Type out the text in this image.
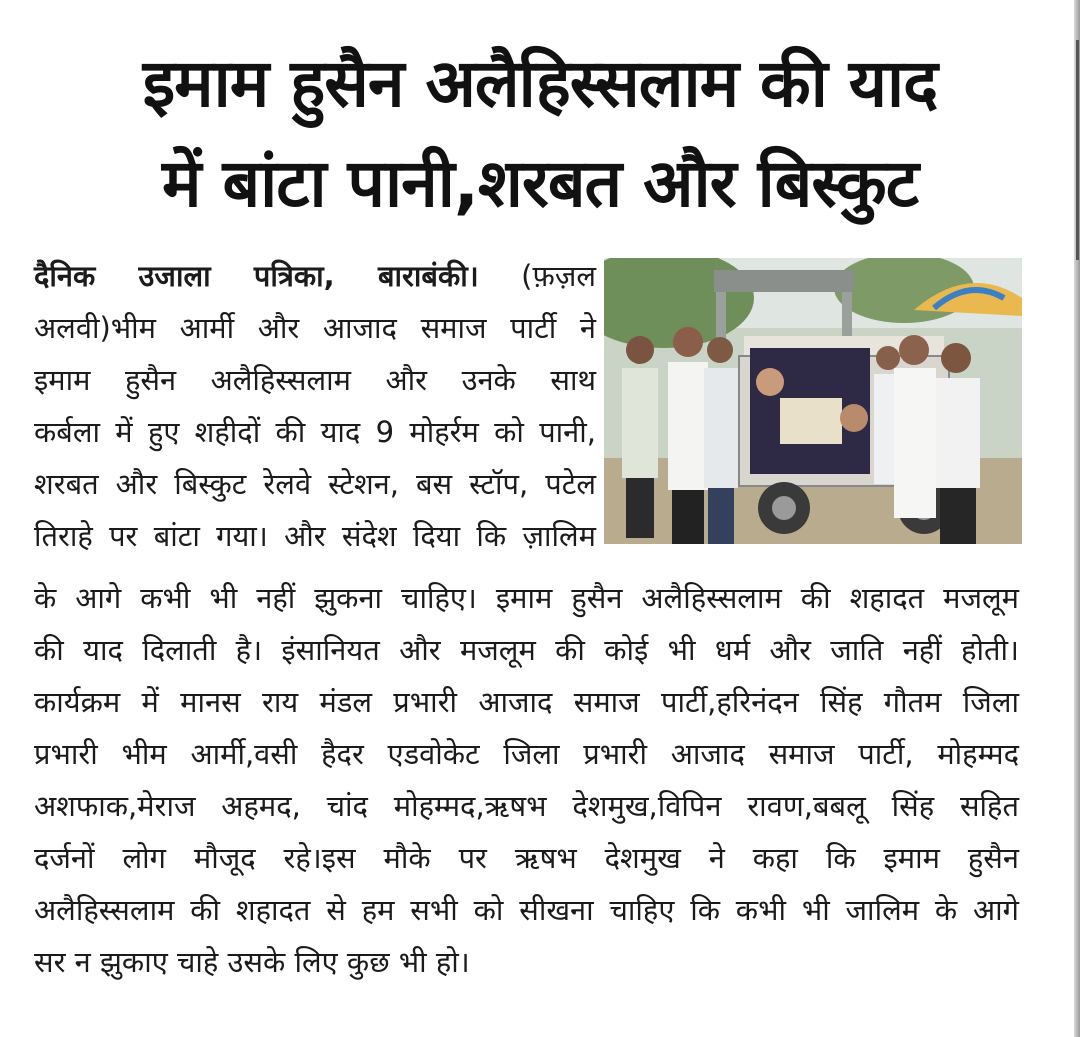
इमाम हुसैन अलैहिस्सलाम की याद
में बांटा पानी,शरबत और बिस्कुट
दैनिक उजाला पत्रिका, बाराबंकी। (फ़ज़ल
अलवी)भीम आर्मी और आजाद समाज पार्टी ने
इमाम हुसैन अलैहिस्सलाम और उनके साथ
कर्बला में हुए शहीदों की याद 9 मोहर्रम को पानी,
शरबत और बिस्कुट रेलवे स्टेशन, बस स्टॉप, पटेल
तिराहे पर बांटा गया। और संदेश दिया कि ज़ालिम
के आगे कभी भी नहीं झुकना चाहिए। इमाम हुसैन अलैहिस्सलाम की शहादत मजलूम
की याद दिलाती है। इंसानियत और मजलूम की कोई भी धर्म और जाति नहीं होती।
कार्यक्रम में मानस राय मंडल प्रभारी आजाद समाज पार्टी,हरिनंदन सिंह गौतम जिला
प्रभारी भीम आर्मी,वसी हैदर एडवोकेट जिला प्रभारी आजाद समाज पार्टी, मोहम्मद
अशफाक,मेराज अहमद, चांद मोहम्मद,ऋषभ देशमुख,विपिन रावण,बबलू सिंह सहित
दर्जनों लोग मौजूद रहे।इस मौके पर ऋषभ देशमुख ने कहा कि इमाम हुसैन
अलैहिस्सलाम की शहादत से हम सभी को सीखना चाहिए कि कभी भी जालिम के आगे
सर न झुकाए चाहे उसके लिए कुछ भी हो।
